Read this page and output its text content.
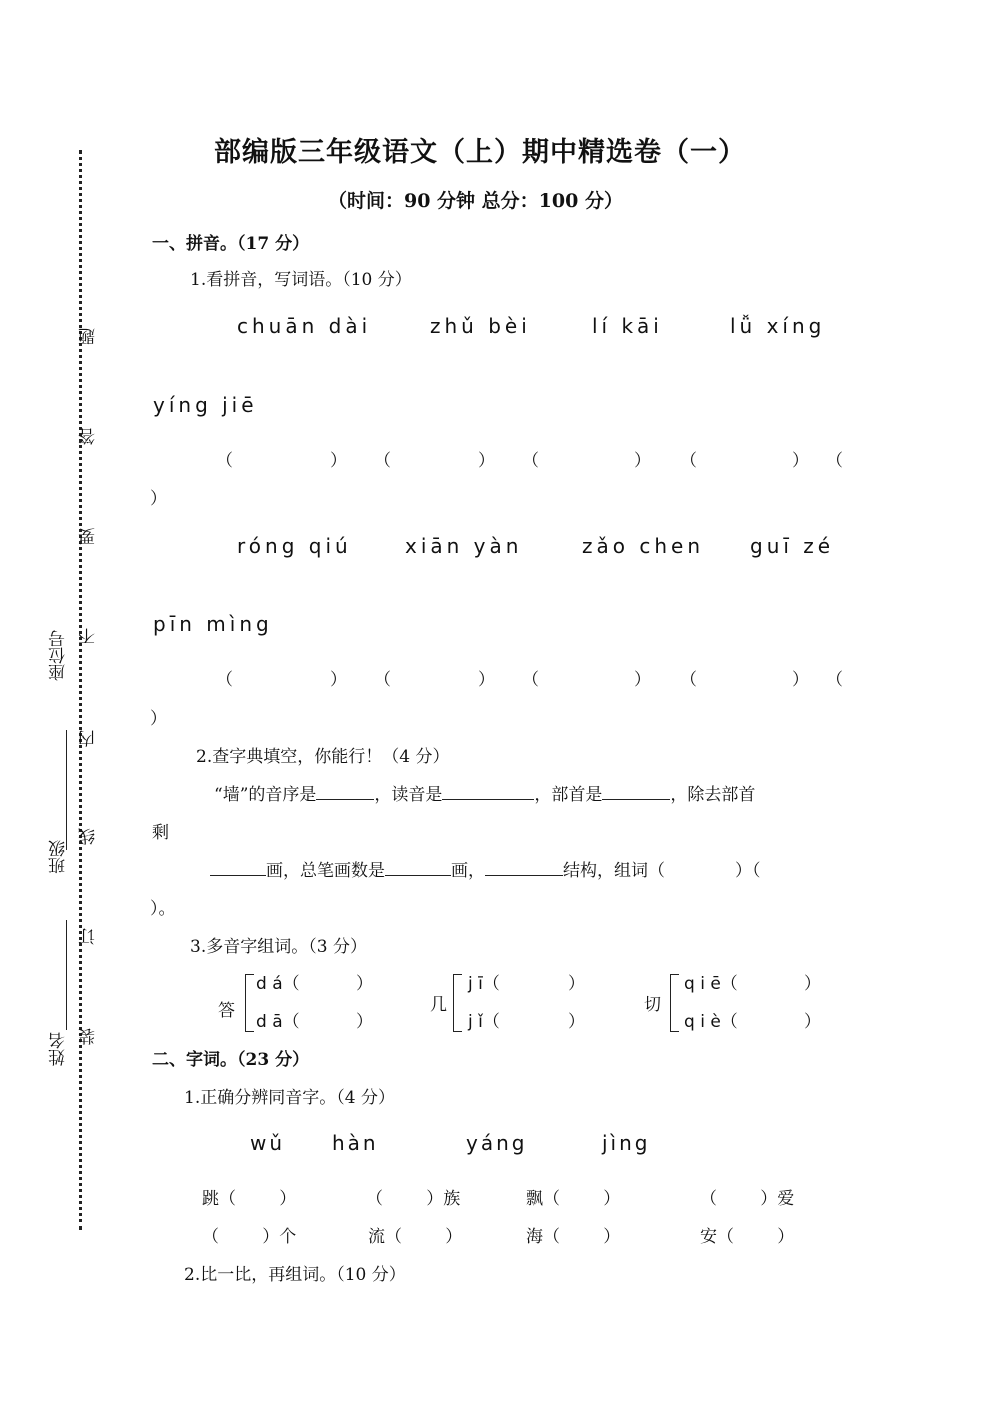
题
答
要
不
内
线
订
装
座位号
班级
姓名
部编版三年级语文（上）期中精选卷（一）
（时间：90 分钟 总分：100 分）
一、拼音。（17 分）
1.看拼音，写词语。（10 分）
chuān dài	zhǔ bèi	lí kāi	lǚ xíng
yíng jiē
（	） （	） （	） （	） （
）
róng qiú	xiān yàn	zǎo chen guī zé
pīn mìng
（	） （	） （	） （	） （
）
2.查字典填空，你能行！（4 分）
“墙”的音序是	，读音是	，部首是	，除去部首
剩
画，总笔画数是	画，	结构，组词（	）（
）。
3.多音字组词。（3 分）
答
d á（	）
d ā（	）
几
j ī（	）
j ǐ（	）
切
q i ē（	）
q i è（	）
二、字词。（23 分）
1.正确分辨同音字。（4 分）
wǔ hàn	yáng	jìng
跳（        ）	（        ）族	飘（        ）	（        ）爱
（        ）个	流（        ）	海（        ）	安（        ）
2.比一比，再组词。（10 分）
